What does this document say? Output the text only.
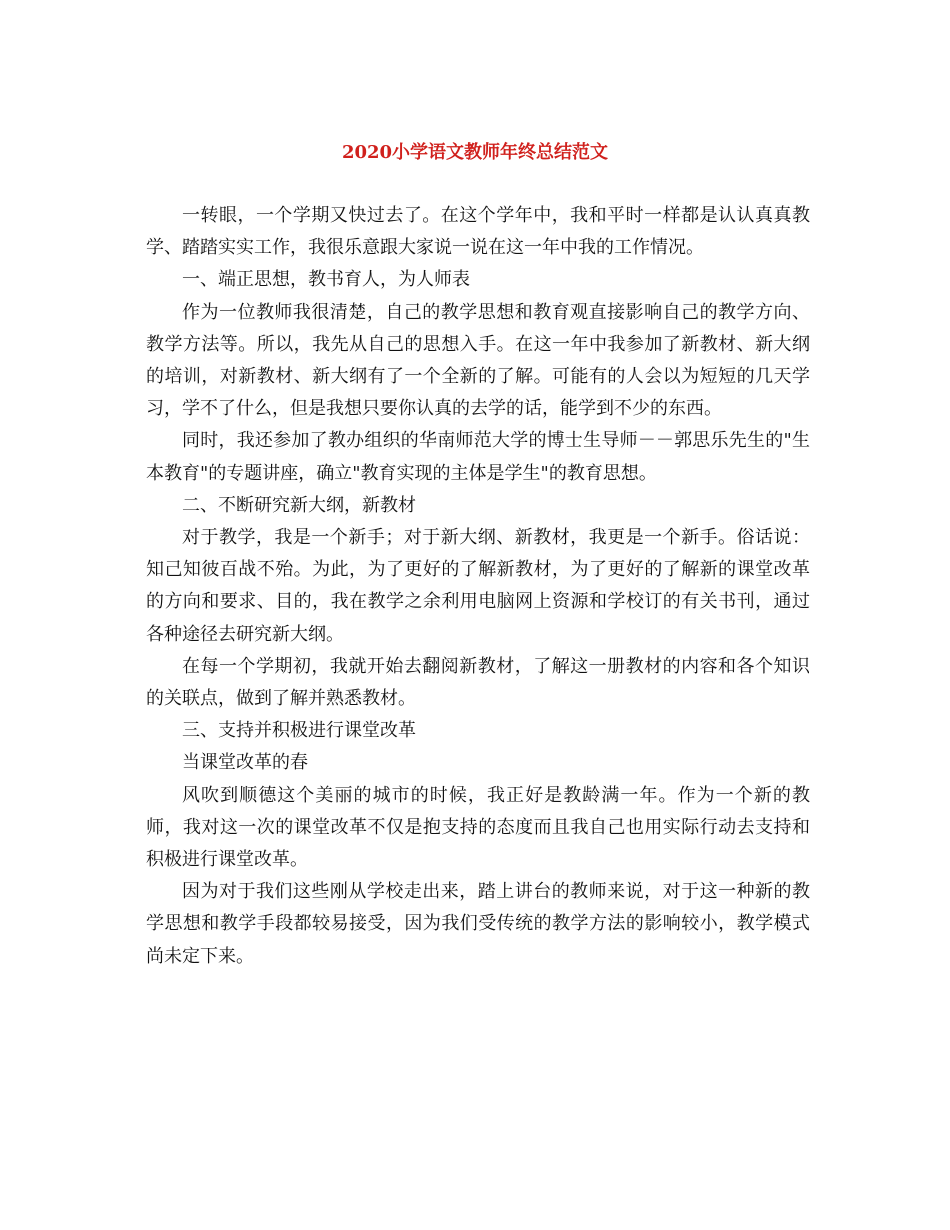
2020小学语文教师年终总结范文

一转眼，一个学期又快过去了。在这个学年中，我和平时一样都是认认真真教学、踏踏实实工作，我很乐意跟大家说一说在这一年中我的工作情况。

一、端正思想，教书育人，为人师表

作为一位教师我很清楚，自己的教学思想和教育观直接影响自己的教学方向、教学方法等。所以，我先从自己的思想入手。在这一年中我参加了新教材、新大纲的培训，对新教材、新大纲有了一个全新的了解。可能有的人会以为短短的几天学习，学不了什么，但是我想只要你认真的去学的话，能学到不少的东西。

同时，我还参加了教办组织的华南师范大学的博士生导师－－郭思乐先生的"生本教育"的专题讲座，确立"教育实现的主体是学生"的教育思想。

二、不断研究新大纲，新教材

对于教学，我是一个新手；对于新大纲、新教材，我更是一个新手。俗话说：知己知彼百战不殆。为此，为了更好的了解新教材，为了更好的了解新的课堂改革的方向和要求、目的，我在教学之余利用电脑网上资源和学校订的有关书刊，通过各种途径去研究新大纲。

在每一个学期初，我就开始去翻阅新教材，了解这一册教材的内容和各个知识的关联点，做到了解并熟悉教材。

三、支持并积极进行课堂改革

当课堂改革的春

风吹到顺德这个美丽的城市的时候，我正好是教龄满一年。作为一个新的教师，我对这一次的课堂改革不仅是抱支持的态度而且我自己也用实际行动去支持和积极进行课堂改革。

因为对于我们这些刚从学校走出来，踏上讲台的教师来说，对于这一种新的教学思想和教学手段都较易接受，因为我们受传统的教学方法的影响较小，教学模式尚未定下来。
